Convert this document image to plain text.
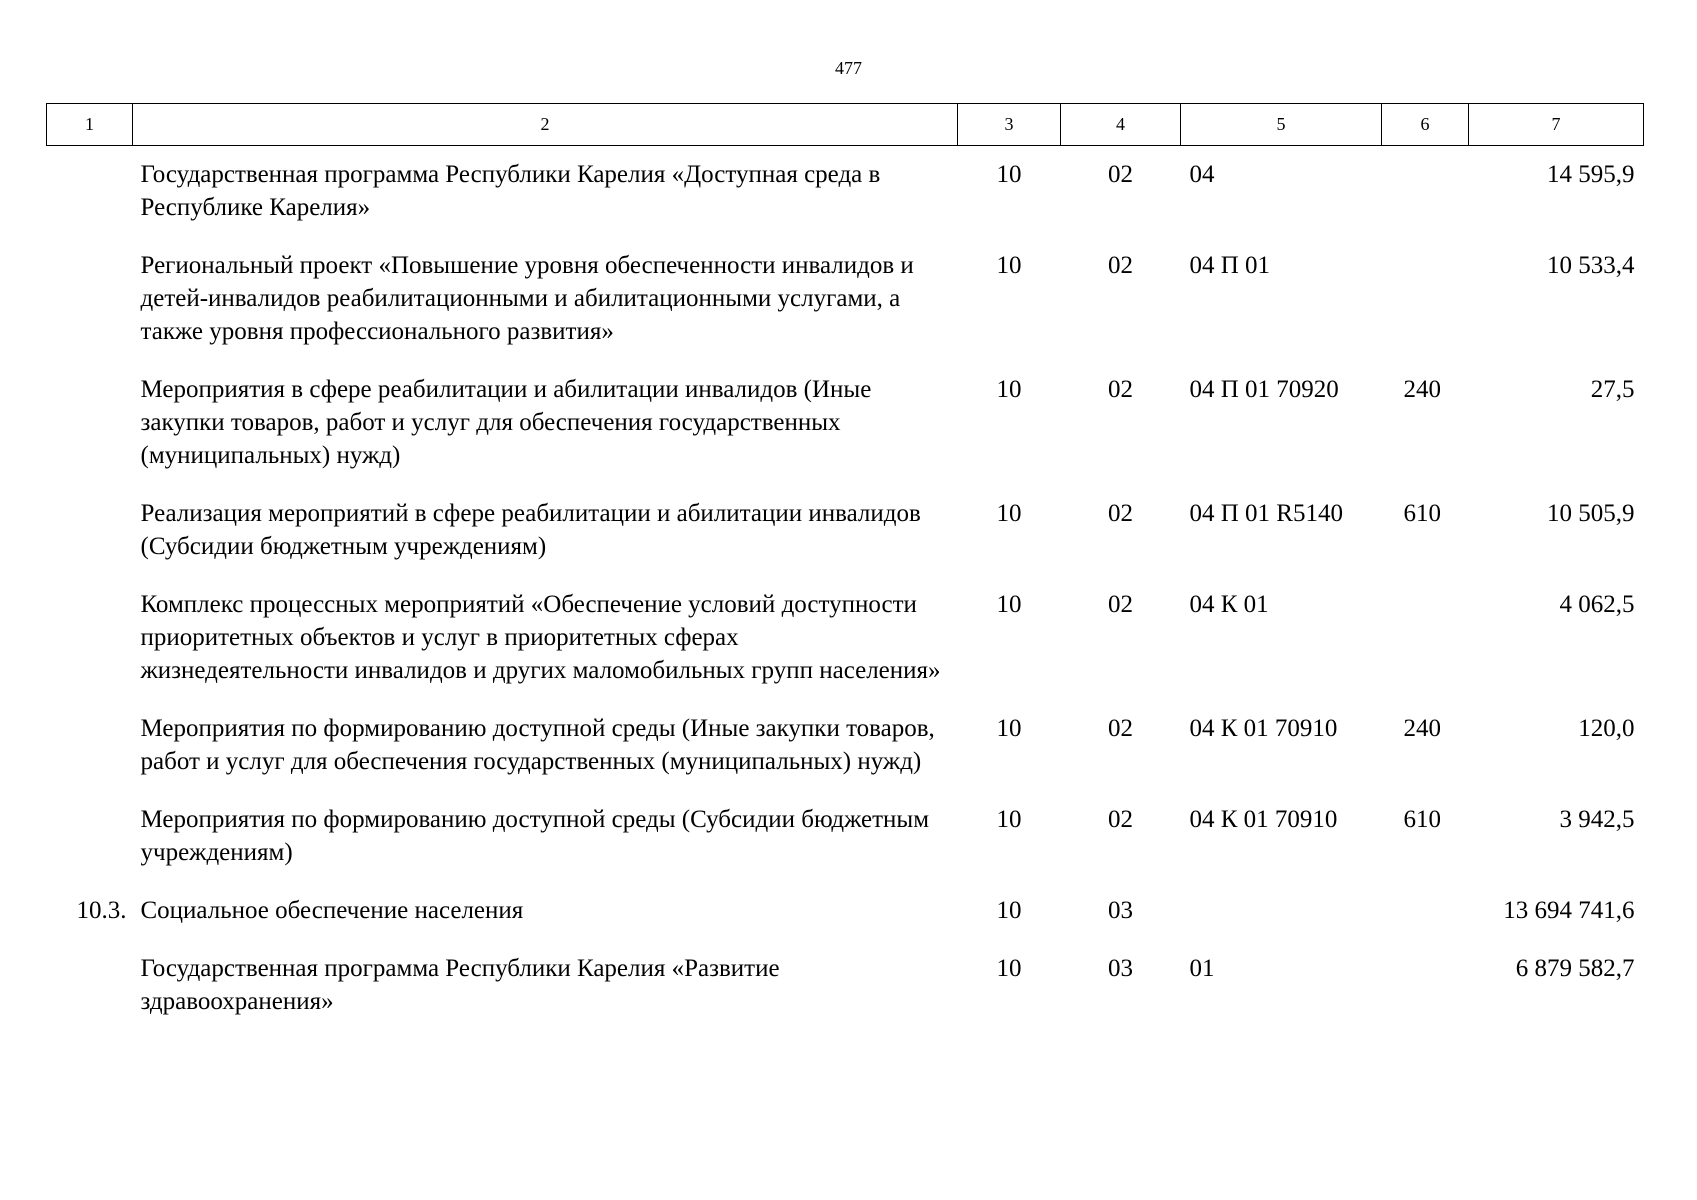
477
1	2	3	4	5	6	7
	Государственная программа Республики Карелия «Доступная среда в Республике Карелия»	10	02	04		14 595,9
	Региональный проект «Повышение уровня обеспеченности инвалидов и детей-инвалидов реабилитационными и абилитационными услугами, а также уровня профессионального развития»	10	02	04 П 01		10 533,4
	Мероприятия в сфере реабилитации и абилитации инвалидов (Иные закупки товаров, работ и услуг для обеспечения государственных (муниципальных) нужд)	10	02	04 П 01 70920	240	27,5
	Реализация мероприятий в сфере реабилитации и абилитации инвалидов (Субсидии бюджетным учреждениям)	10	02	04 П 01 R5140	610	10 505,9
	Комплекс процессных мероприятий «Обеспечение условий доступности приоритетных объектов и услуг в приоритетных сферах жизнедеятельности инвалидов и других маломобильных групп населения»	10	02	04 К 01		4 062,5
	Мероприятия по формированию доступной среды (Иные закупки товаров, работ и услуг для обеспечения государственных (муниципальных) нужд)	10	02	04 К 01 70910	240	120,0
	Мероприятия по формированию доступной среды (Субсидии бюджетным учреждениям)	10	02	04 К 01 70910	610	3 942,5
10.3.	Социальное обеспечение населения	10	03			13 694 741,6
	Государственная программа Республики Карелия «Развитие здравоохранения»	10	03	01		6 879 582,7
